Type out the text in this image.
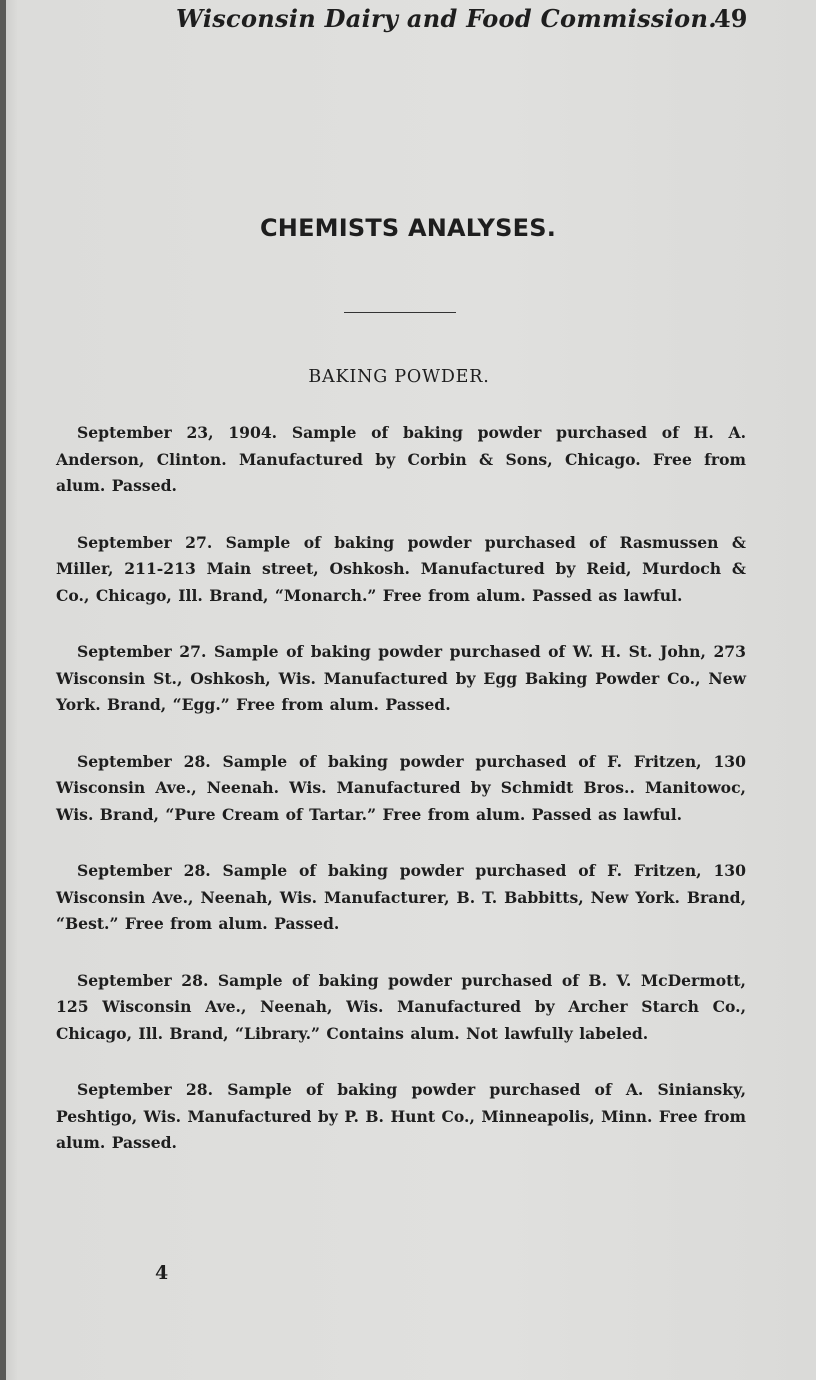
Wisconsin Dairy and Food Commission.
49
CHEMISTS ANALYSES.
BAKING POWDER.

September 23, 1904. Sample of baking powder purchased of H. A. Anderson, Clinton. Manufactured by Corbin & Sons, Chicago. Free from alum. Passed.

September 27. Sample of baking powder purchased of Rasmussen & Miller, 211-213 Main street, Oshkosh. Manufactured by Reid, Murdoch & Co., Chicago, Ill. Brand, “Monarch.” Free from alum. Passed as lawful.

September 27. Sample of baking powder purchased of W. H. St. John, 273 Wisconsin St., Oshkosh, Wis. Manufactured by Egg Baking Powder Co., New York. Brand, “Egg.” Free from alum. Passed.

September 28. Sample of baking powder purchased of F. Fritzen, 130 Wisconsin Ave., Neenah. Wis. Manufactured by Schmidt Bros.. Manitowoc, Wis. Brand, “Pure Cream of Tartar.” Free from alum. Passed as lawful.

September 28. Sample of baking powder purchased of F. Fritzen, 130 Wisconsin Ave., Neenah, Wis. Manufacturer, B. T. Babbitts, New York. Brand, “Best.” Free from alum. Passed.

September 28. Sample of baking powder purchased of B. V. McDermott, 125 Wisconsin Ave., Neenah, Wis. Manufactured by Archer Starch Co., Chicago, Ill. Brand, “Library.” Contains alum. Not lawfully labeled.

September 28. Sample of baking powder purchased of A. Siniansky, Peshtigo, Wis. Manufactured by P. B. Hunt Co., Minneapolis, Minn. Free from alum. Passed.

4
